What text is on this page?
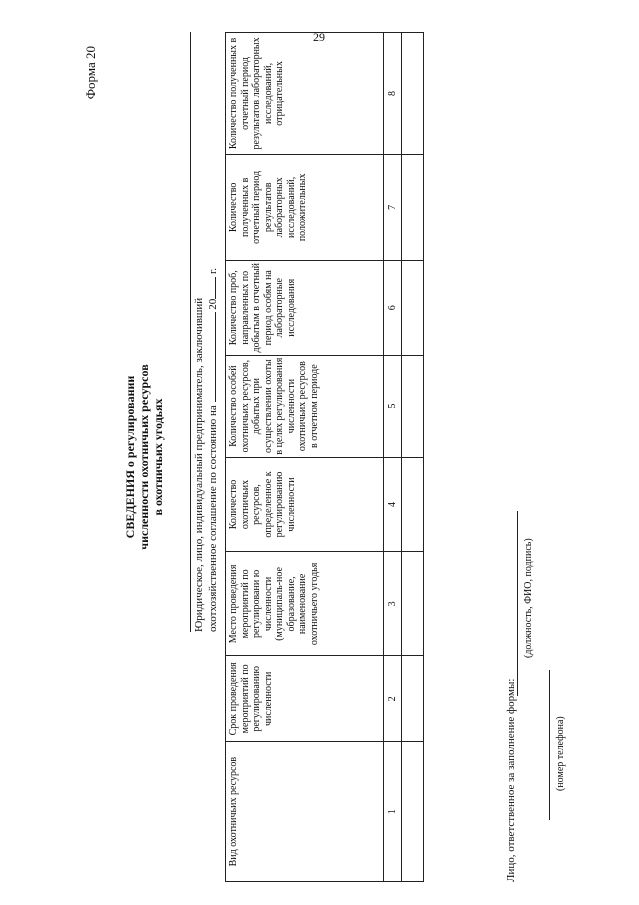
29
Форма 20
СВЕДЕНИЯ о регулировании численности охотничьих ресурсов в охотничьих угодьях	Юридическое, лицо, индивидуальный предприниматель, заключивший охотхозяйственное соглашение по состоянию на  20 г.
Вид охотничьих ресурсов	Срок проведения мероприятий по регулированию численности	Место проведения мероприятий по регулировани ю численности (муниципаль-ное образование, наименование охотничьего угодья	Количество охотничьих ресурсов, определенное к регулированию численности	Количество особей охотничьих ресурсов, добытых при осуществлении охоты в целях регулирования численности охотничьих ресурсов в отчетном периоде	Количество проб, направленных по добытым в отчетный период особям на лабораторные исследования	Количество полученных в отчетный период результатов лабораторных исследований, положительных	Количество полученных в отчетный период результатов лабораторных исследований, отрицательных
1	2	3	4	5	6	7	8

Лицо, ответственное за заполнение формы:
(должность, ФИО, подпись)
(номер телефона)
